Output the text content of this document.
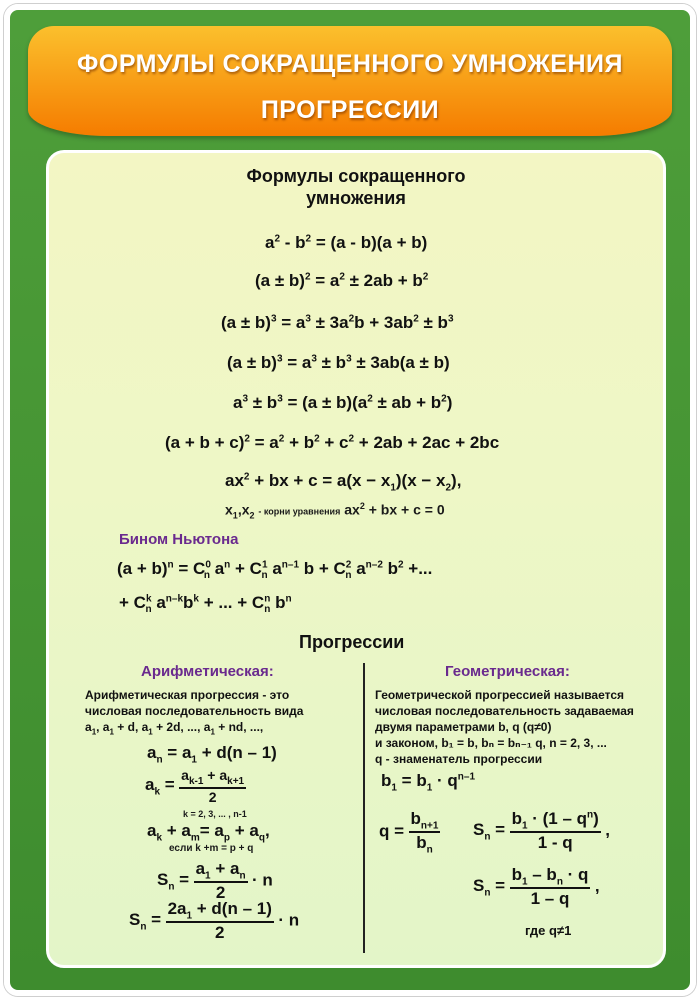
ФОРМУЛЫ СОКРАЩЕННОГО УМНОЖЕНИЯ
ПРОГРЕССИИ
Формулы сокращенного
умножения
$a^2 - b^2 = (a - b)(a + b)$
$(a \pm b)^2 = a^2 \pm 2ab + b^2$
$(a \pm b)^3 = a^3 \pm 3a^2b + 3ab^2 \pm b^3$
$(a \pm b)^3 = a^3 \pm b^3 \pm 3ab(a \pm b)$
$a^3 \pm b^3 = (a \pm b)(a^2$ ± ab + $b^2$)
$(a + b + c)^2 = a^2 + b^2 + c^2 + 2ab + 2ac + 2bc$
$ax^2$ + bx + $c = a(x - x_1)(x - x_2)$,
$x_1,x_2$ - корни уравнения $ax^2$ + bx + c = 0
Бином Ньютона
$(a + b)^n = C^0_n$ $a^n + C^1_n$ $a^{n-1}$ $b + C^2_n$ $a^{n-2}$ $b^2$ +...
+ $C^k_n$ $a^{n-k}b^k$ + ... + $C^n_n$ $b^n$
Прогрессии
Арифметическая:
Арифметическая прогрессия - это
числовая последовательность вида
$a_1$, $a_1 + d$, $a_1 + 2d$, ..., $a_1$ + nd, ...,
$a_n = a_1 + d(n - 1)$
$a_k = \frac{a_{k-1} + a_{k+1}}{2}$
k = 2, 3, ... , n-1
$a_k + a_m= a_p + a_q$,
если k +m = p + q
$S_n = \frac{a_1 + a_n}{2} \cdot n$
$S_n = \frac{2a_1 + d(n - 1)}{2} \cdot n$
Геометрическая:
Геометрической прогрессией называется
числовая последовательность задаваемая
двумя параметрами b, q (q≠0)
и законом, b₁ = b, bₙ = bₙ₋₁ q, n = 2, 3, ...
q - знаменатель прогрессии
$b_1 = b_1 \cdot q^{n-1}$
$q = \frac{b_{n+1}}{b_n} S_n = \frac{b_1 \cdot (1 - q^n)}{1 - q}$ ,
$S_n = \frac{b_1 - b_n \cdot q}{1 - q}$ ,
где q≠1
